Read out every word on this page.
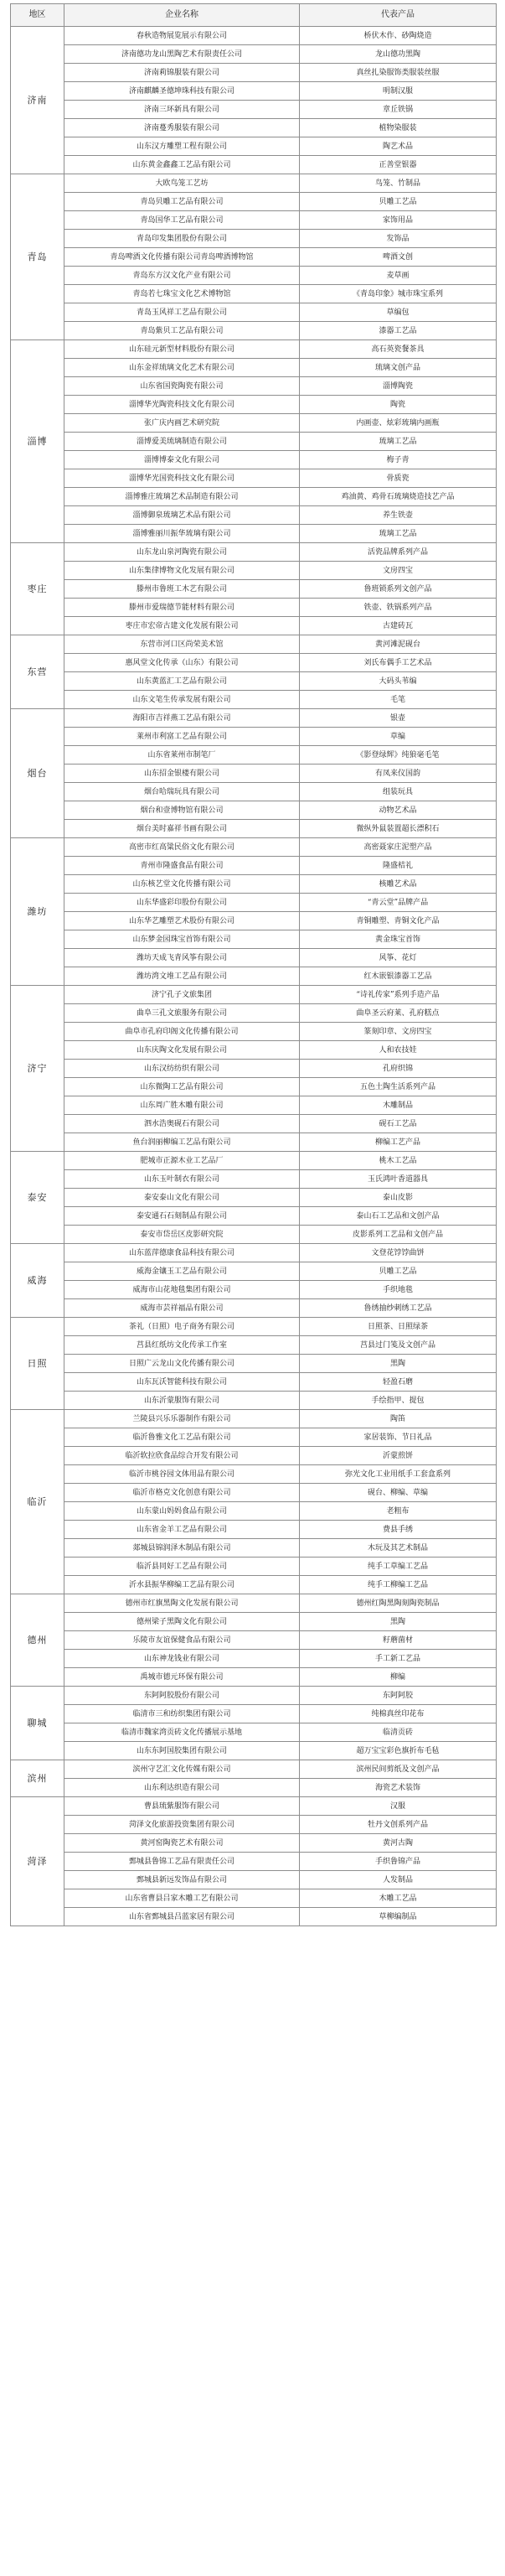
地区	企业名称	代表产品
济南	春秋造物展览展示有限公司	桥伏木作、砂陶烧造
	济南德功龙山黑陶艺术有限责任公司	龙山德功黑陶
	济南莉锦服装有限公司	真丝扎染服饰类服装丝服
	济南麒麟圣德坤珠科技有限公司	明制汉服
	济南三环新具有限公司	章丘铁锅
	济南蔓秀服装有限公司	植物染服装
	山东汉方雕塑工程有限公司	陶艺术品
	山东黄金鑫鑫工艺品有限公司	正善堂银器
青岛	大欧鸟笼工艺坊	鸟笼、竹制品
	青岛贝雕工艺品有限公司	贝雕工艺品
	青岛国华工艺品有限公司	家饰用品
	青岛印发集团股份有限公司	发饰品
	青岛啤酒文化传播有限公司青岛啤酒博物馆	啤酒文创
	青岛东方汉文化产业有限公司	麦草画
	青岛若七珠宝文化艺术博物馆	《青岛印象》城市珠宝系列
	青岛玉风祥工艺品有限公司	草编包
	青岛紫贝工艺品有限公司	漆器工艺品
淄博	山东硅元新型材料股份有限公司	高石英瓷餐茶具
	山东金祥琉璃文化艺术有限公司	琉璃文创产品
	山东省国瓷陶瓷有限公司	淄博陶瓷
	淄博华光陶瓷科技文化有限公司	陶瓷
	张广庆内画艺术研究院	内画壶、炫彩琉璃内画瓶
	淄博爱美琉璃制造有限公司	琉璃工艺品
	淄博博泰文化有限公司	梅子青
	淄博华光国瓷科技文化有限公司	骨质瓷
	淄博雅庄琉璃艺术品制造有限公司	鸡油黄、鸡骨石琉璃烧造技艺产品
	淄博御泉琉璃艺术品有限公司	养生铁壶
	淄博雅丽川振华琉璃有限公司	琉璃工艺品
枣庄	山东龙山泉河陶瓷有限公司	活瓷品牌系列产品
	山东集律博物文化发展有限公司	文房四宝
	滕州市鲁班工木艺有限公司	鲁班锁系列文创产品
	滕州市爱瑞德节能材料有限公司	铁壶、铁锅系列产品
	枣庄市宏帝古建文化发展有限公司	古建砖瓦
东营	东营市河口区尚荣美术馆	黄河滩泥砚台
	惠风堂文化传承（山东）有限公司	刘氏布偶手工艺术品
	山东黄蓝汇工艺品有限公司	大码头苇编
	山东文笔生传承发展有限公司	毛笔
烟台	海阳市吉祥燕工艺品有限公司	银壶
	莱州市利富工艺品有限公司	草编
	山东省莱州市制笔厂	《影登绿辉》纯狼毫毛笔
	山东招金银楼有限公司	有凤来仪国韵
	烟台哈瑞玩具有限公司	组装玩具
	烟台和壹博物馆有限公司	动物艺术品
	烟台美时嘉祥书画有限公司	微纵外鼠装置超长漂积石
潍坊	高密市红高粱民俗文化有限公司	高密聂家庄泥塑产品
	青州市隆盛食品有限公司	隆盛桔礼
	山东核艺堂文化传播有限公司	核雕艺术品
	山东华盛彩印股份有限公司	“青云堂”品牌产品
	山东华艺雕塑艺术股份有限公司	青铜雕塑、青铜文化产品
	山东梦金园珠宝首饰有限公司	黄金珠宝首饰
	潍坊天成飞青风筝有限公司	风筝、花灯
	潍坊湾文堆工艺品有限公司	红木嵌银漆器工艺品
济宁	济宁孔子文旅集团	“诗礼传家”系列手造产品
	曲阜三孔文旅服务有限公司	曲阜圣云府莱、孔府糕点
	曲阜市孔府印阁文化传播有限公司	篆刻印章、文房四宝
	山东庆陶文化发展有限公司	人和农技娃
	山东汉纺纺织有限公司	孔府织锦
	山东微陶工艺品有限公司	五色土陶生活系列产品
	山东周广胜木雕有限公司	木雕制品
	泗水浩奥砚石有限公司	砚石工艺品
	鱼台润丽柳编工艺品有限公司	柳编工艺产品
泰安	肥城市正源木业工艺品厂	桃木工艺品
	山东玉叶制衣有限公司	玉氏鸿叶香道器具
	泰安泰山文化有限公司	泰山皮影
	泰安通石石刻制品有限公司	泰山石工艺品和文创产品
	泰安市岱岳区皮影研究院	皮影系列工艺品和文创产品
威海	山东蓝萍德康食品科技有限公司	文登花饽饽曲饼
	威海金镶玉工艺品有限公司	贝雕工艺品
	威海市山花地毯集团有限公司	手织地毯
	威海市芸祥福品有限公司	鲁绣抽纱刺绣工艺品
日照	茶礼（日照）电子商务有限公司	日照茶、日照绿茶
	莒县红纸坊文化传承工作室	莒县过门笺及文创产品
	日照广云龙山文化传播有限公司	黑陶
	山东瓦沃智能科技有限公司	轻盈石磨
	山东沂蒙服饰有限公司	手绘指甲、提包
临沂	兰陵县兴乐乐器制作有限公司	陶笛
	临沂鲁雅文化工艺品有限公司	家居装饰、节日礼品
	临沂软拉欣食品综合开发有限公司	沂蒙煎饼
	临沂市桃谷园文体用品有限公司	弥光文化工业用纸手工套盒系列
	临沂市格克文化创意有限公司	砚台、柳编、草编
	山东蒙山妈妈食品有限公司	老粗布
	山东省金羊工艺品有限公司	费县手绣
	郯城县锦润泽木制品有限公司	木玩及其艺术制品
	临沂县同好工艺品有限公司	纯手工草编工艺品
	沂水县振华柳编工艺品有限公司	纯手工柳编工艺品
德州	德州市红旗黑陶文化发展有限公司	德州红陶黑陶刻陶瓷制品
	德州梁子黑陶文化有限公司	黑陶
	乐陵市友谊保健食品有限公司	籽蘑菌材
	山东神龙钱业有限公司	手工新工艺品
	禹城市德元环保有限公司	柳编
聊城	东阿阿胶股份有限公司	东阿阿胶
	临清市三和纺织集团有限公司	纯棉真丝印花布
	临清市魏家湾贡砖文化传播展示基地	临清贡砖
	山东东阿国胶集团有限公司	超万宝宝彩色旗折布毛毡
滨州	滨州守艺汇文化传媒有限公司	滨州民间剪纸及文创产品
	山东利达织造有限公司	海瓷艺术装饰
菏泽	曹县琉紫服饰有限公司	汉服
	菏泽文化旅游投资集团有限公司	牡丹文创系列产品
	黄河窑陶瓷艺术有限公司	黄河古陶
	鄄城县鲁锦工艺品有限责任公司	手织鲁锦产品
	鄄城县新远发饰品有限公司	人发制品
	山东省曹县吕家木雕工艺有限公司	木雕工艺品
	山东省鄄城县吕蓝家居有限公司	草柳编制品
